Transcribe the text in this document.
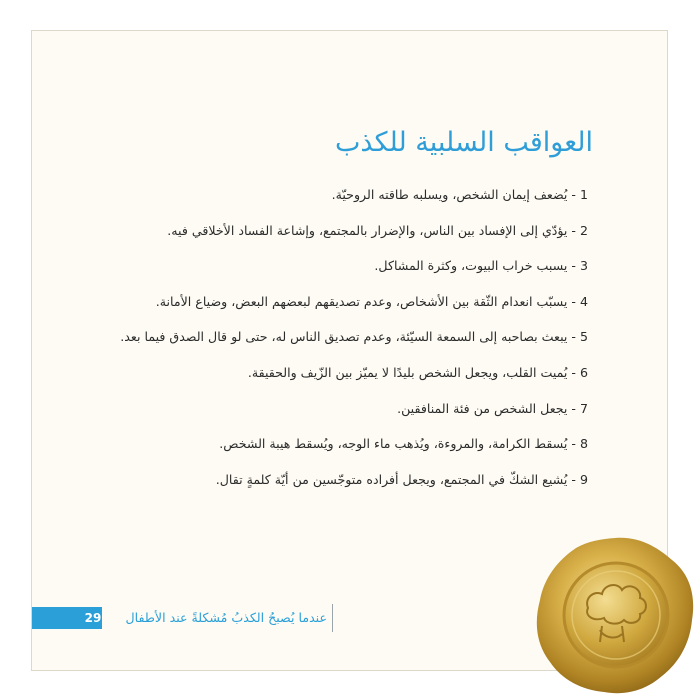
العواقب السلبية للكذب
1 - يُضعف إيمان الشخص، ويسلبه طاقته الروحيّة.
2 - يؤدّي إلى الإفساد بين الناس، والإضرار بالمجتمع، وإشاعة الفساد الأخلاقي فيه.
3 - يسبب خراب البيوت، وكثرة المشاكل.
4 - يسبّب انعدام الثّقة بين الأشخاص، وعدم تصديقهم لبعضهم البعض، وضياع الأمانة.
5 - يبعث بصاحبه إلى السمعة السيّئة، وعدم تصديق الناس له، حتى لو قال الصدق فيما بعد.
6 - يُميت القلب، ويجعل الشخص بليدًا لا يميّز بين الزّيف والحقيقة.
7 - يجعل الشخص من فئة المنافقين.
8 - يُسقط الكرامة، والمروءة، ويُذهب ماء الوجه، ويُسقط هيبة الشخص.
9 - يُشيع الشكّ في المجتمع، ويجعل أفراده متوجّسين من أيّة كلمةٍ تقال.
29	عندما يُصبحُ الكذبُ مُشكلةً عند الأطفال
